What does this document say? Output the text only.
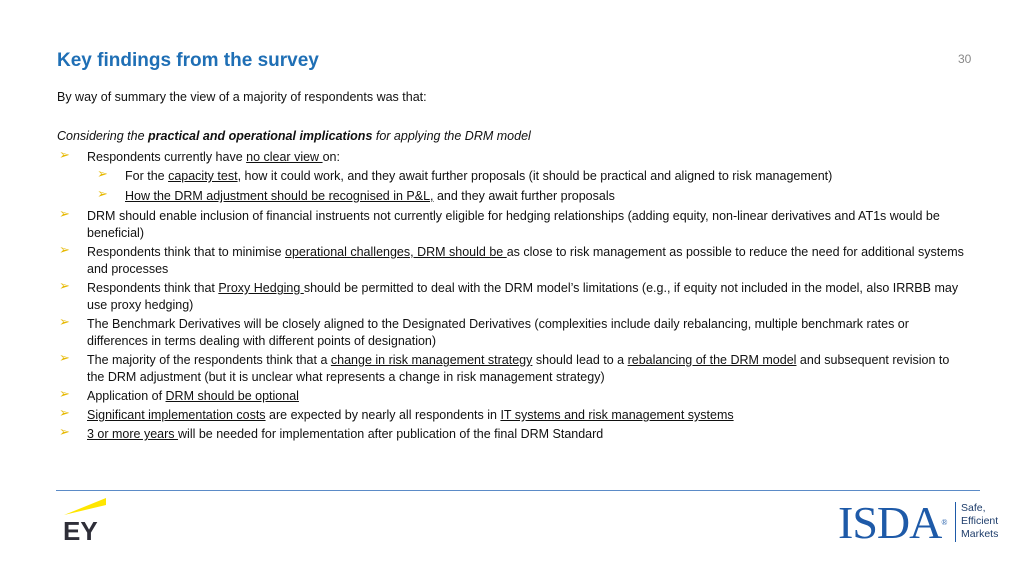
Key findings from the survey	30
By way of summary the view of a majority of respondents was that:
Considering the practical and operational implications for applying the DRM model
➢ Respondents currently have no clear view on:
➢ For the capacity test, how it could work, and they await further proposals (it should be practical and aligned to risk management)
➢ How the DRM adjustment should be recognised in P&L, and they await further proposals
➢ DRM should enable inclusion of financial instruents not currently eligible for hedging relationships (adding equity, non-linear derivatives and AT1s would be beneficial)
➢ Respondents think that to minimise operational challenges, DRM should be as close to risk management as possible to reduce the need for additional systems and processes
➢ Respondents think that Proxy Hedging should be permitted to deal with the DRM model’s limitations (e.g., if equity not included in the model, also IRRBB may use proxy hedging)
➢ The Benchmark Derivatives will be closely aligned to the Designated Derivatives (complexities include daily rebalancing, multiple benchmark rates or differences in terms dealing with different points of designation)
➢ The majority of the respondents think that a change in risk management strategy should lead to a rebalancing of the DRM model and subsequent revision to the DRM adjustment (but it is unclear what represents a change in risk management strategy)
➢ Application of DRM should be optional
➢ Significant implementation costs are expected by nearly all respondents in IT systems and risk management systems
➢ 3 or more years will be needed for implementation after publication of the final DRM Standard
EY	ISDA®
Safe,
Efficient
Markets
